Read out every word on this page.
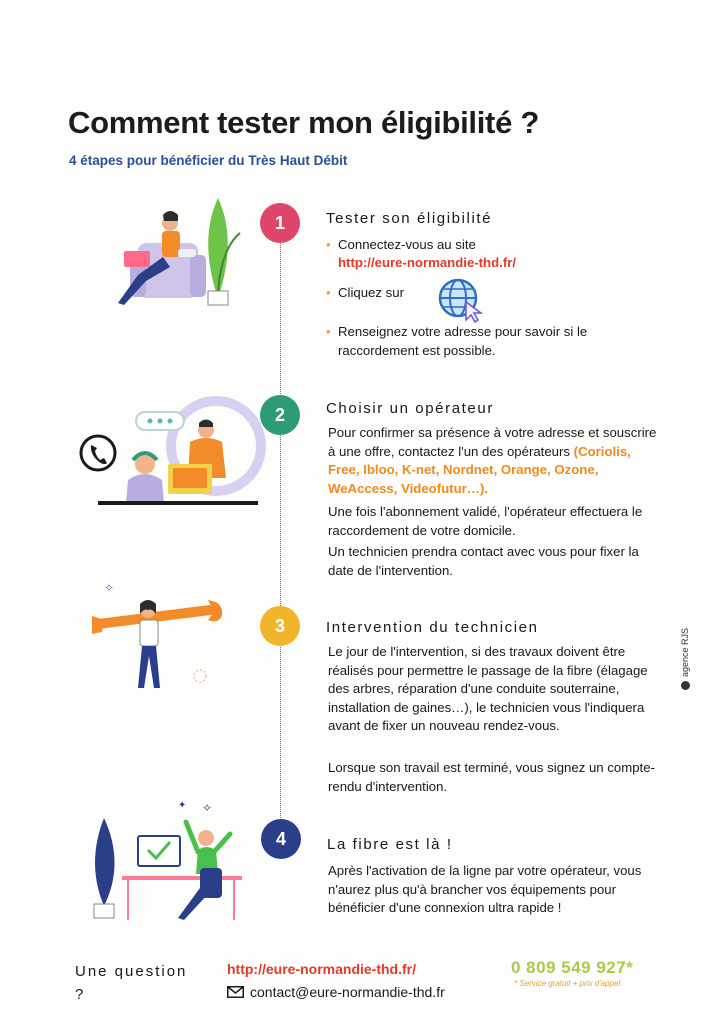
Comment tester mon éligibilité ?
4 étapes pour bénéficier du Très Haut Débit
1
2
3
4
Tester son éligibilité
• Connectez-vous au site
http://eure-normandie-thd.fr/
• Cliquez sur
• Renseignez votre adresse pour savoir si le raccordement est possible.
Choisir un opérateur
Pour confirmer sa présence à votre adresse et souscrire à une offre, contactez l'un des opérateurs (Coriolis, Free, Ibloo, K-net, Nordnet, Orange, Ozone, WeAccess, Videofutur…).
Une fois l'abonnement validé, l'opérateur effectuera le raccordement de votre domicile.
Un technicien prendra contact avec vous pour fixer la date de l'intervention.
Intervention du technicien
Le jour de l'intervention, si des travaux doivent être réalisés pour permettre le passage de la fibre (élagage des arbres, réparation d'une conduite souterraine, installation de gaines…), le technicien vous l'indiquera avant de fixer un nouveau rendez-vous.
Lorsque son travail est terminé, vous signez un compte-rendu d'intervention.
La fibre est là !
Après l'activation de la ligne par votre opérateur, vous n'aurez plus qu'à brancher vos équipements pour bénéficier d'une connexion ultra rapide !
✧
✧
✦
agence RJS
Une question ?
http://eure-normandie-thd.fr/
contact@eure-normandie-thd.fr
0 809 549 927*
* Service gratuit + prix d'appel
